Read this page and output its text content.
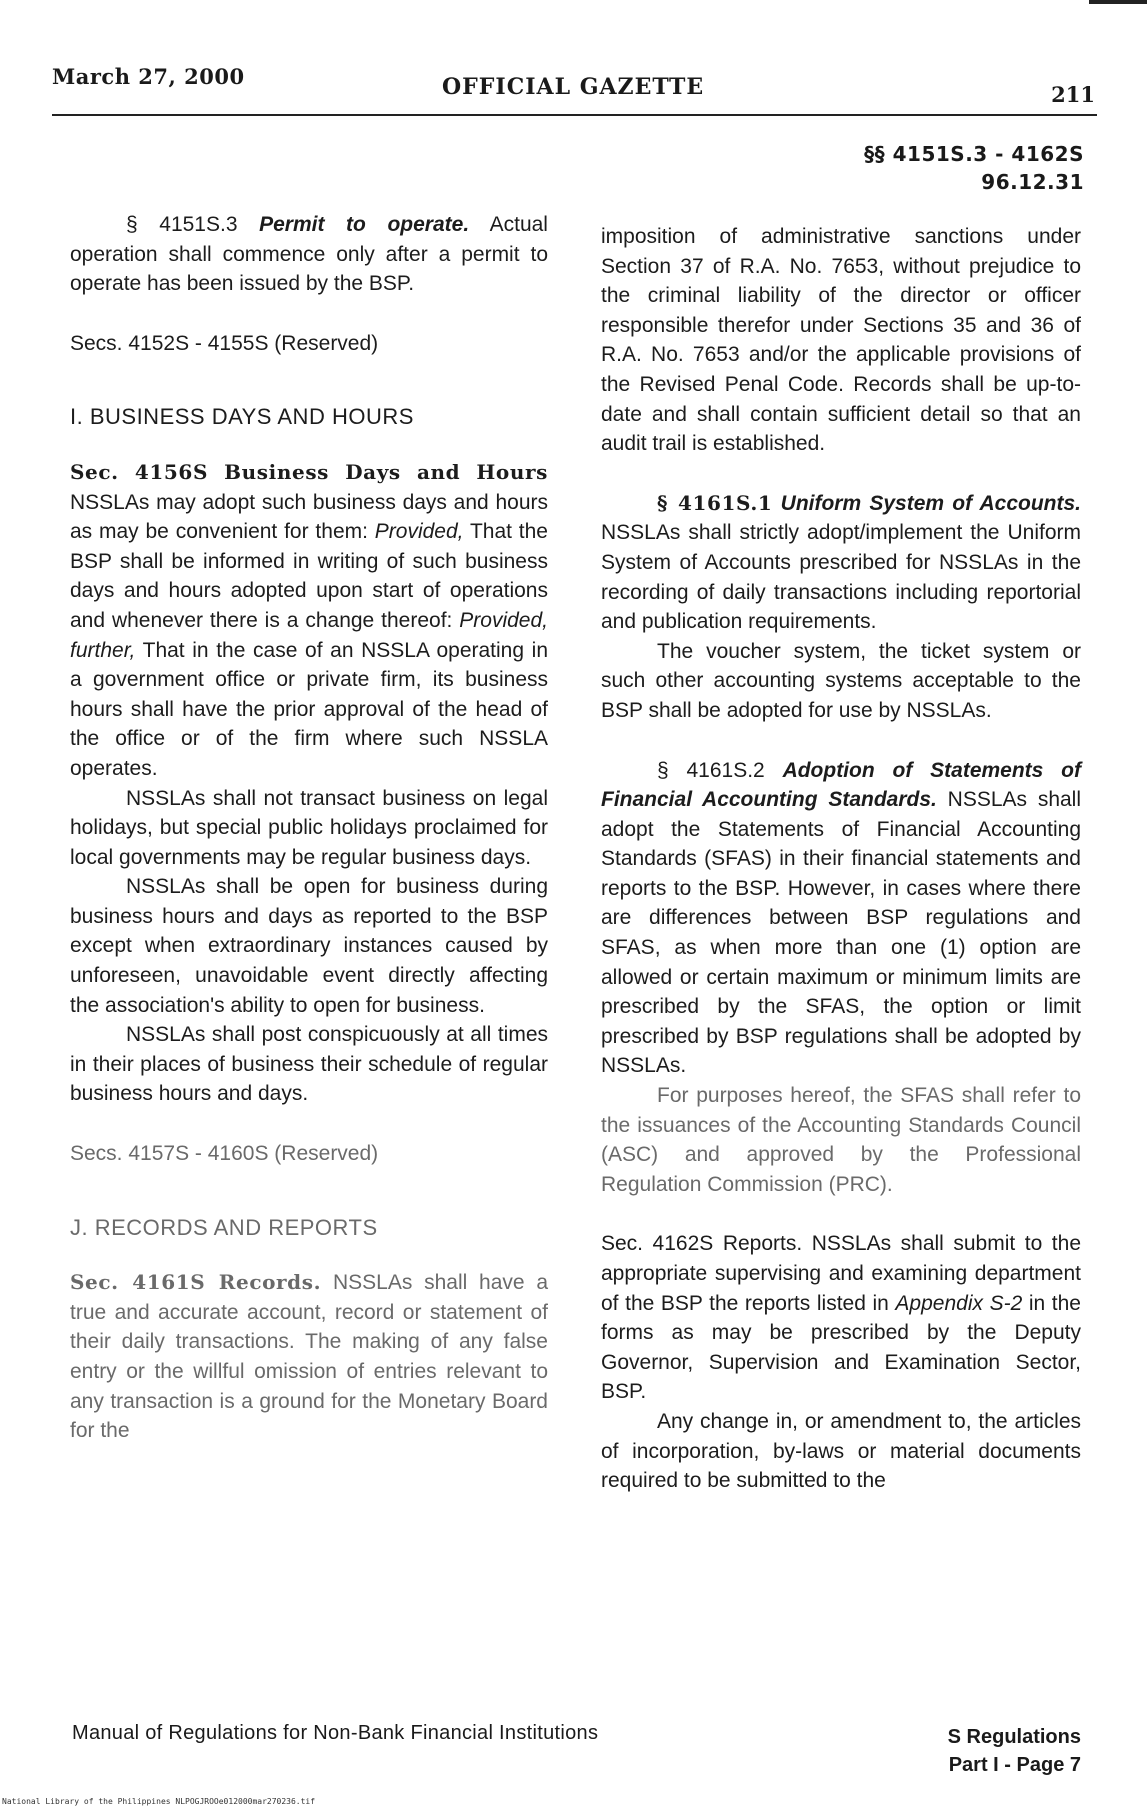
March 27, 2000	OFFICIAL GAZETTE	211
§§ 4151S.3 - 4162S
96.12.31

§ 4151S.3 Permit to operate. Actual operation shall commence only after a permit to operate has been issued by the BSP.

Secs. 4152S - 4155S (Reserved)

I. BUSINESS DAYS AND HOURS

Sec. 4156S Business Days and Hours NSSLAs may adopt such business days and hours as may be convenient for them: Provided, That the BSP shall be informed in writing of such business days and hours adopted upon start of operations and whenever there is a change thereof: Provided, further, That in the case of an NSSLA operating in a government office or private firm, its business hours shall have the prior approval of the head of the office or of the firm where such NSSLA operates.

NSSLAs shall not transact business on legal holidays, but special public holidays proclaimed for local governments may be regular business days.

NSSLAs shall be open for business during business hours and days as reported to the BSP except when extraordinary instances caused by unforeseen, unavoidable event directly affecting the association's ability to open for business.

NSSLAs shall post conspicuously at all times in their places of business their schedule of regular business hours and days.

Secs. 4157S - 4160S (Reserved)

J. RECORDS AND REPORTS

Sec. 4161S Records. NSSLAs shall have a true and accurate account, record or statement of their daily transactions. The making of any false entry or the willful omission of entries relevant to any transaction is a ground for the Monetary Board for the

imposition of administrative sanctions under Section 37 of R.A. No. 7653, without prejudice to the criminal liability of the director or officer responsible therefor under Sections 35 and 36 of R.A. No. 7653 and/or the applicable provisions of the Revised Penal Code. Records shall be up-to-date and shall contain sufficient detail so that an audit trail is established.

§ 4161S.1 Uniform System of Accounts. NSSLAs shall strictly adopt/implement the Uniform System of Accounts prescribed for NSSLAs in the recording of daily transactions including reportorial and publication requirements.

The voucher system, the ticket system or such other accounting systems acceptable to the BSP shall be adopted for use by NSSLAs.

§ 4161S.2 Adoption of Statements of Financial Accounting Standards. NSSLAs shall adopt the Statements of Financial Accounting Standards (SFAS) in their financial statements and reports to the BSP. However, in cases where there are differences between BSP regulations and SFAS, as when more than one (1) option are allowed or certain maximum or minimum limits are prescribed by the SFAS, the option or limit prescribed by BSP regulations shall be adopted by NSSLAs.

For purposes hereof, the SFAS shall refer to the issuances of the Accounting Standards Council (ASC) and approved by the Professional Regulation Commission (PRC).

Sec. 4162S Reports. NSSLAs shall submit to the appropriate supervising and examining department of the BSP the reports listed in Appendix S-2 in the forms as may be prescribed by the Deputy Governor, Supervision and Examination Sector, BSP.

Any change in, or amendment to, the articles of incorporation, by-laws or material documents required to be submitted to the

Manual of Regulations for Non-Bank Financial Institutions	S Regulations
Part I - Page 7
National Library of the Philippines NLPOGJROOe012000mar270236.tif
